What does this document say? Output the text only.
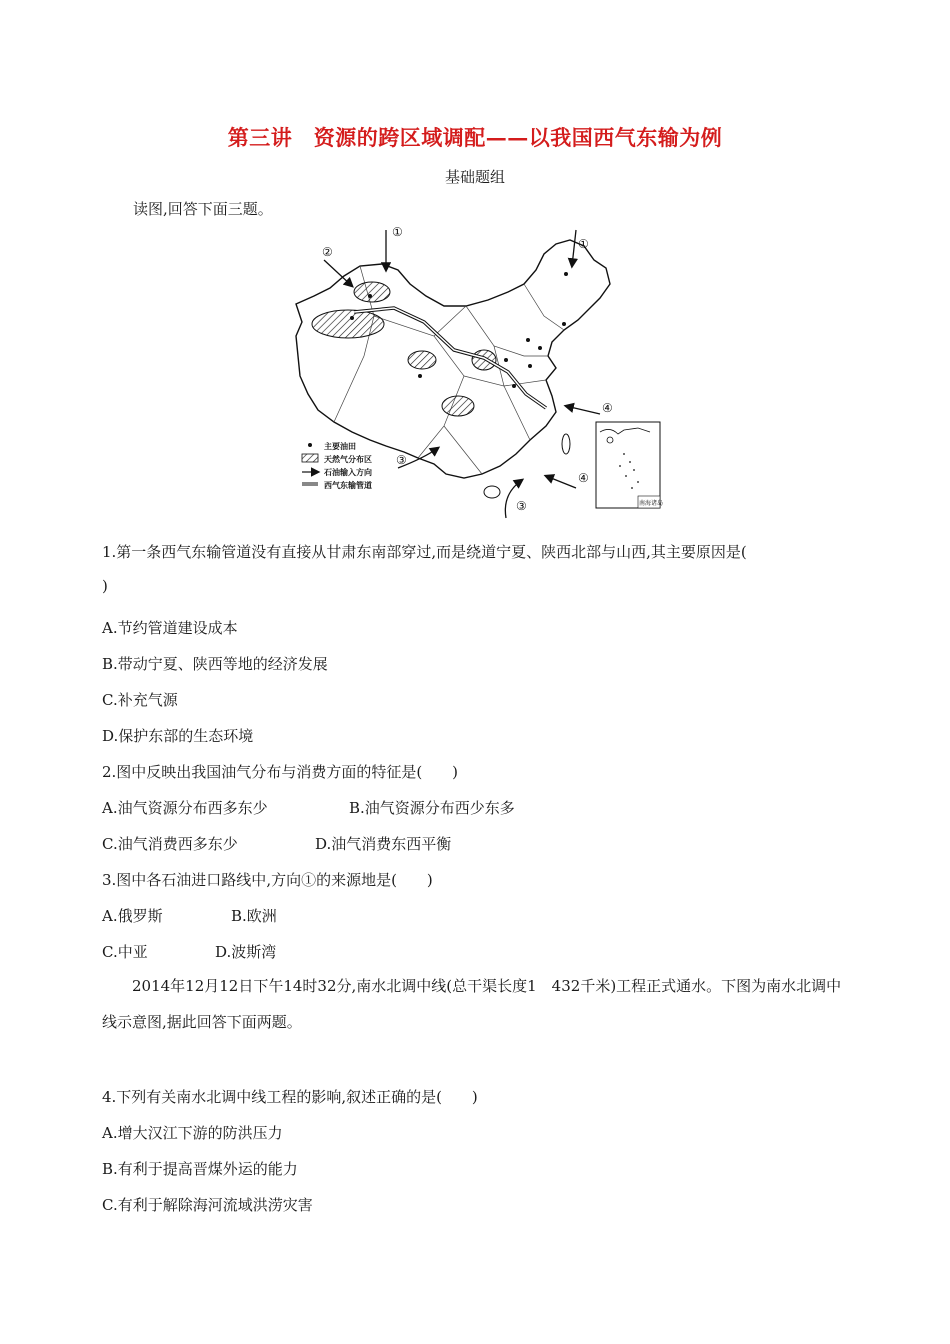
第三讲　资源的跨区域调配——以我国西气东输为例
基础题组
读图,回答下面三题。
①
①
②
③
③
④
④
主要油田
天然气分布区
石油输入方向
西气东输管道
南海诸岛
1.第一条西气东输管道没有直接从甘肃东南部穿过,而是绕道宁夏、陕西北部与山西,其主要原因是(
)
A.节约管道建设成本
B.带动宁夏、陕西等地的经济发展
C.补充气源
D.保护东部的生态环境
2.图中反映出我国油气分布与消费方面的特征是(　　)
A.油气资源分布西多东少	B.油气资源分布西少东多
C.油气消费西多东少	D.油气消费东西平衡
3.图中各石油进口路线中,方向①的来源地是(　　)
A.俄罗斯	B.欧洲
C.中亚	D.波斯湾
2014年12月12日下午14时32分,南水北调中线(总干渠长度1　432千米)工程正式通水。下图为南水北调中线示意图,据此回答下面两题。
4.下列有关南水北调中线工程的影响,叙述正确的是(　　)
A.增大汉江下游的防洪压力
B.有利于提高晋煤外运的能力
C.有利于解除海河流域洪涝灾害
